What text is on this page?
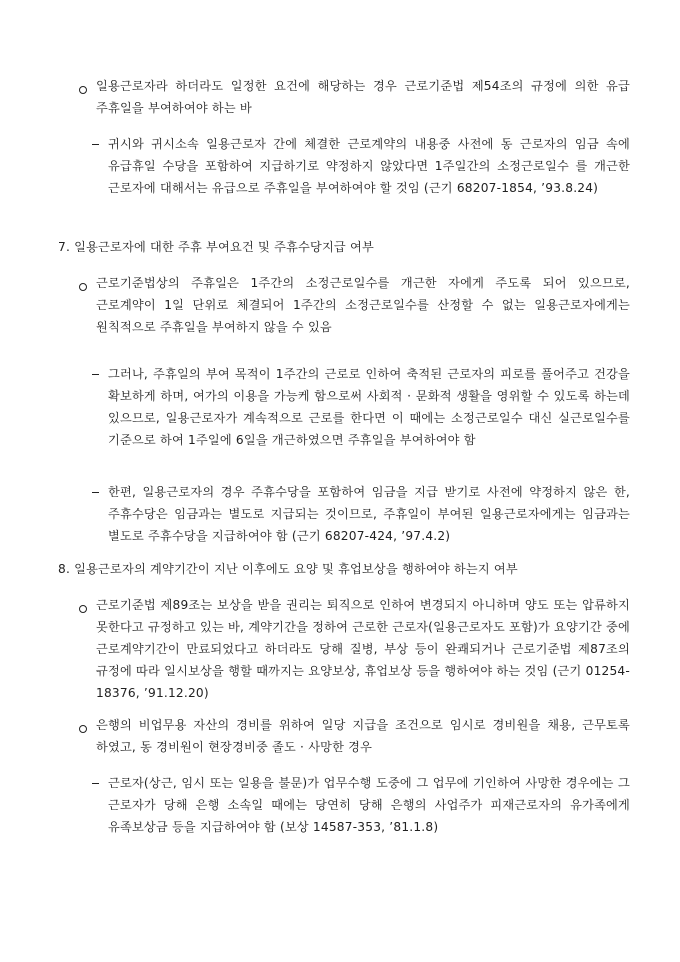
일용근로자라 하더라도 일정한 요건에 해당하는 경우 근로기준법 제54조의 규정에 의한 유급 주휴일을 부여하여야 하는 바
귀시와 귀시소속 일용근로자 간에 체결한 근로계약의 내용중 사전에 동 근로자의 임금 속에 유급휴일 수당을 포함하여 지급하기로 약정하지 않았다면 1주일간의 소정근로일수 를 개근한 근로자에 대해서는 유급으로 주휴일을 부여하여야 할 것임 (근기 68207-1854, ’93.8.24)
7. 일용근로자에 대한 주휴 부여요건 및 주휴수당지급 여부
근로기준법상의 주휴일은 1주간의 소정근로일수를 개근한 자에게 주도록 되어 있으므로, 근로계약이 1일 단위로 체결되어 1주간의 소정근로일수를 산정할 수 없는 일용근로자에게는 원칙적으로 주휴일을 부여하지 않을 수 있음
그러나, 주휴일의 부여 목적이 1주간의 근로로 인하여 축적된 근로자의 피로를 풀어주고 건강을 확보하게 하며, 여가의 이용을 가능케 함으로써 사회적 · 문화적 생활을 영위할 수 있도록 하는데 있으므로, 일용근로자가 계속적으로 근로를 한다면 이 때에는 소정근로일수 대신 실근로일수를 기준으로 하여 1주일에 6일을 개근하였으면 주휴일을 부여하여야 함
한편, 일용근로자의 경우 주휴수당을 포함하여 임금을 지급 받기로 사전에 약정하지 않은 한, 주휴수당은 임금과는 별도로 지급되는 것이므로, 주휴일이 부여된 일용근로자에게는 임금과는 별도로 주휴수당을 지급하여야 함 (근기 68207-424, ’97.4.2)
8. 일용근로자의 계약기간이 지난 이후에도 요양 및 휴업보상을 행하여야 하는지 여부
근로기준법 제89조는 보상을 받을 권리는 퇴직으로 인하여 변경되지 아니하며 양도 또는 압류하지 못한다고 규정하고 있는 바, 계약기간을 정하여 근로한 근로자(일용근로자도 포함)가 요양기간 중에 근로계약기간이 만료되었다고 하더라도 당해 질병, 부상 등이 완쾌되거나 근로기준법 제87조의 규정에 따라 일시보상을 행할 때까지는 요양보상, 휴업보상 등을 행하여야 하는 것임 (근기 01254-18376, ’91.12.20)
은행의 비업무용 자산의 경비를 위하여 일당 지급을 조건으로 임시로 경비원을 채용, 근무토록 하였고, 동 경비원이 현장경비중 졸도 · 사망한 경우
근로자(상근, 임시 또는 일용을 불문)가 업무수행 도중에 그 업무에 기인하여 사망한 경우에는 그 근로자가 당해 은행 소속일 때에는 당연히 당해 은행의 사업주가 피재근로자의 유가족에게 유족보상금 등을 지급하여야 함 (보상 14587-353, ’81.1.8)
